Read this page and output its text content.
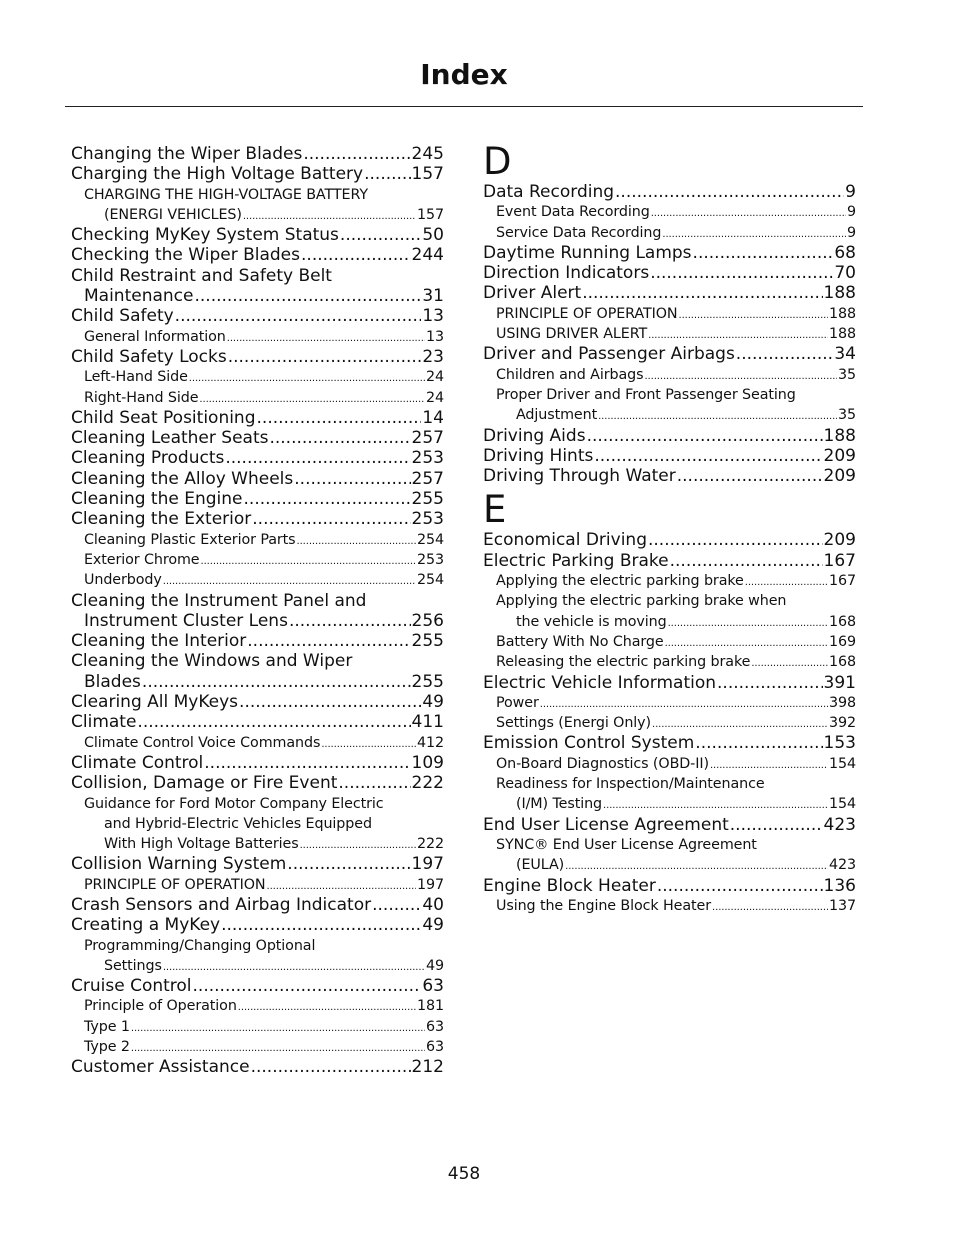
Index
Changing the Wiper Blades .....	245
Charging the High Voltage Battery .....	157
CHARGING THE HIGH-VOLTAGE BATTERY
(ENERGI VEHICLES) .....	157
Checking MyKey System Status .....	50
Checking the Wiper Blades .....	244
Child Restraint and Safety Belt
Maintenance .....	31
Child Safety .....	13
General Information .....	13
Child Safety Locks .....	23
Left-Hand Side .....	24
Right-Hand Side .....	24
Child Seat Positioning .....	14
Cleaning Leather Seats .....	257
Cleaning Products .....	253
Cleaning the Alloy Wheels .....	257
Cleaning the Engine .....	255
Cleaning the Exterior .....	253
Cleaning Plastic Exterior Parts .....	254
Exterior Chrome .....	253
Underbody .....	254
Cleaning the Instrument Panel and
Instrument Cluster Lens .....	256
Cleaning the Interior .....	255
Cleaning the Windows and Wiper
Blades .....	255
Clearing All MyKeys .....	49
Climate .....	411
Climate Control Voice Commands .....	412
Climate Control .....	109
Collision, Damage or Fire Event .....	222
Guidance for Ford Motor Company Electric
and Hybrid-Electric Vehicles Equipped
With High Voltage Batteries .....	222
Collision Warning System .....	197
PRINCIPLE OF OPERATION .....	197
Crash Sensors and Airbag Indicator .....	40
Creating a MyKey .....	49
Programming/Changing Optional
Settings .....	49
Cruise Control .....	63
Principle of Operation .....	181
Type 1 .....	63
Type 2 .....	63
Customer Assistance .....	212
D
Data Recording .....	9
Event Data Recording .....	9
Service Data Recording .....	9
Daytime Running Lamps .....	68
Direction Indicators .....	70
Driver Alert .....	188
PRINCIPLE OF OPERATION .....	188
USING DRIVER ALERT .....	188
Driver and Passenger Airbags .....	34
Children and Airbags .....	35
Proper Driver and Front Passenger Seating
Adjustment .....	35
Driving Aids .....	188
Driving Hints .....	209
Driving Through Water .....	209
E
Economical Driving .....	209
Electric Parking Brake .....	167
Applying the electric parking brake .....	167
Applying the electric parking brake when
the vehicle is moving .....	168
Battery With No Charge .....	169
Releasing the electric parking brake .....	168
Electric Vehicle Information .....	391
Power .....	398
Settings (Energi Only) .....	392
Emission Control System .....	153
On-Board Diagnostics (OBD-II) .....	154
Readiness for Inspection/Maintenance
(I/M) Testing .....	154
End User License Agreement .....	423
SYNC® End User License Agreement
(EULA) .....	423
Engine Block Heater .....	136
Using the Engine Block Heater .....	137
458
